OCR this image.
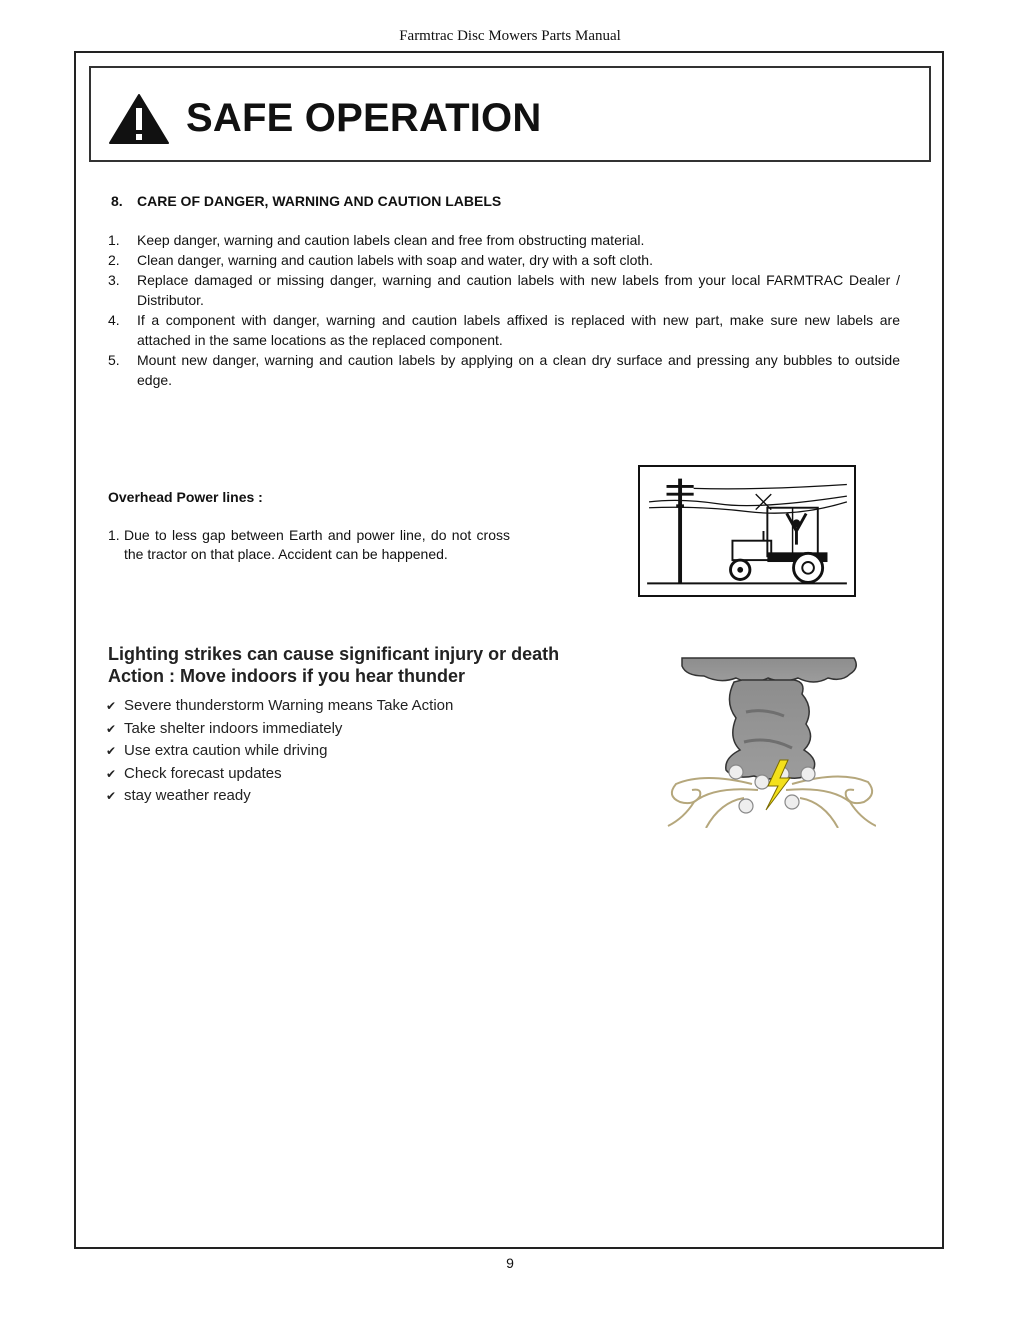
Farmtrac Disc Mowers Parts Manual
SAFE OPERATION
8. CARE OF DANGER, WARNING AND CAUTION LABELS
1.	Keep danger, warning and caution labels clean and free from obstructing material.
2.	Clean danger, warning and caution labels with soap and water, dry with a soft cloth.
3.	Replace damaged or missing danger, warning and caution labels with new labels from your local FARMTRAC Dealer / Distributor.
4.	If a component with danger, warning and caution labels affixed is replaced with new part, make sure new labels are attached in the same locations as the replaced component.
5.	Mount new danger, warning and caution labels by applying on a clean dry surface and pressing any bubbles to outside edge.
Overhead Power lines :
1. Due to less gap between Earth and power line, do not cross the tractor on that place. Accident can be happened.
Lighting strikes can cause significant injury or death
Action : Move indoors if you hear thunder
✔ Severe thunderstorm Warning means Take Action
✔ Take shelter indoors immediately
✔ Use extra caution while driving
✔ Check forecast updates
✔ stay weather ready
9
